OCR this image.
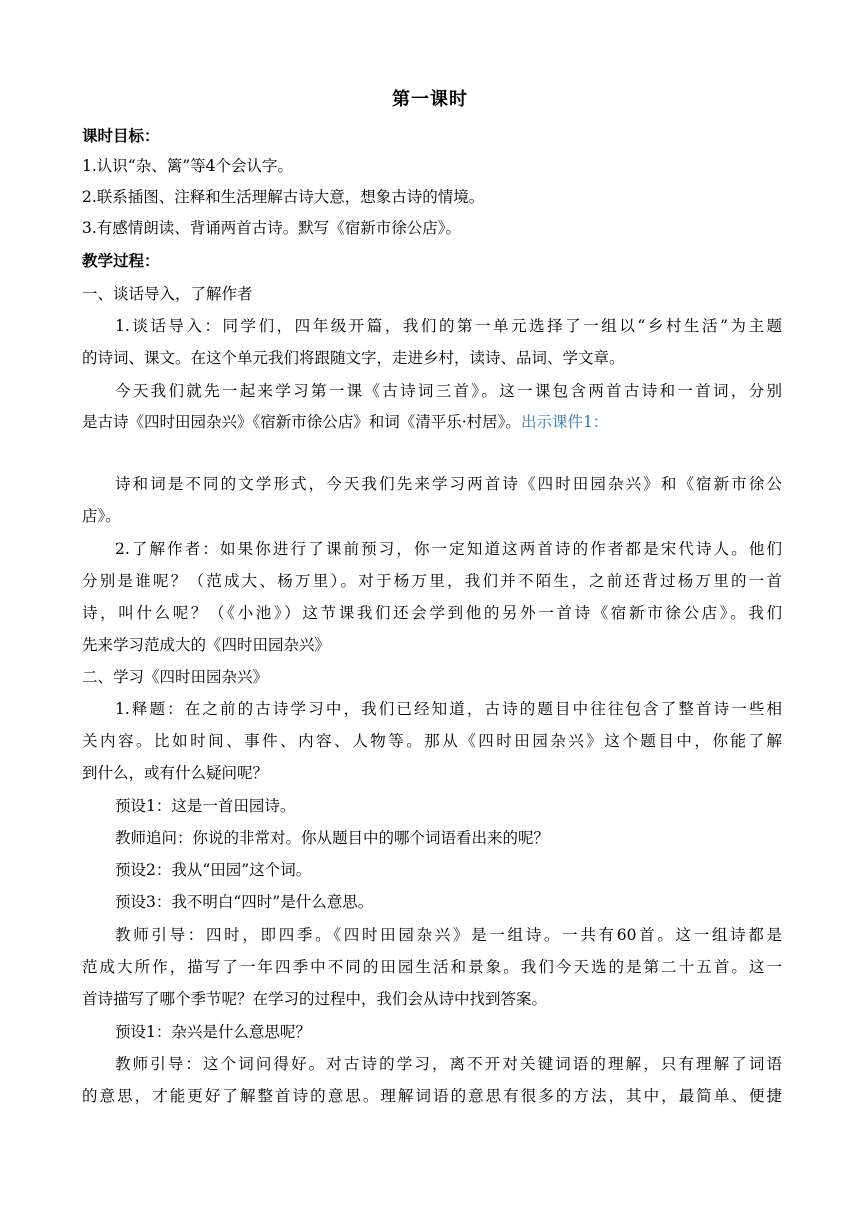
第一课时
课时目标：
1.认识“杂、篱”等4个会认字。
2.联系插图、注释和生活理解古诗大意，想象古诗的情境。
3.有感情朗读、背诵两首古诗。默写《宿新市徐公店》。
教学过程：
一、谈话导入，了解作者
1.谈话导入：同学们，四年级开篇，我们的第一单元选择了一组以“乡村生活”为主题
的诗词、课文。在这个单元我们将跟随文字，走进乡村，读诗、品词、学文章。
今天我们就先一起来学习第一课《古诗词三首》。这一课包含两首古诗和一首词，分别
是古诗《四时田园杂兴》《宿新市徐公店》和词《清平乐·村居》。出示课件1：
诗和词是不同的文学形式，今天我们先来学习两首诗《四时田园杂兴》和《宿新市徐公
店》。
2.了解作者：如果你进行了课前预习，你一定知道这两首诗的作者都是宋代诗人。他们
分别是谁呢？（范成大、杨万里）。对于杨万里，我们并不陌生，之前还背过杨万里的一首
诗，叫什么呢？（《小池》）这节课我们还会学到他的另外一首诗《宿新市徐公店》。我们
先来学习范成大的《四时田园杂兴》
二、学习《四时田园杂兴》
1.释题：在之前的古诗学习中，我们已经知道，古诗的题目中往往包含了整首诗一些相
关内容。比如时间、事件、内容、人物等。那从《四时田园杂兴》这个题目中，你能了解
到什么，或有什么疑问呢？
预设1：这是一首田园诗。
教师追问：你说的非常对。你从题目中的哪个词语看出来的呢？
预设2：我从“田园”这个词。
预设3：我不明白“四时”是什么意思。
教师引导：四时，即四季。《四时田园杂兴》是一组诗。一共有60首。这一组诗都是
范成大所作，描写了一年四季中不同的田园生活和景象。我们今天选的是第二十五首。这一
首诗描写了哪个季节呢？在学习的过程中，我们会从诗中找到答案。
预设1：杂兴是什么意思呢？
教师引导：这个词问得好。对古诗的学习，离不开对关键词语的理解，只有理解了词语
的意思，才能更好了解整首诗的意思。理解词语的意思有很多的方法，其中，最简单、便捷
